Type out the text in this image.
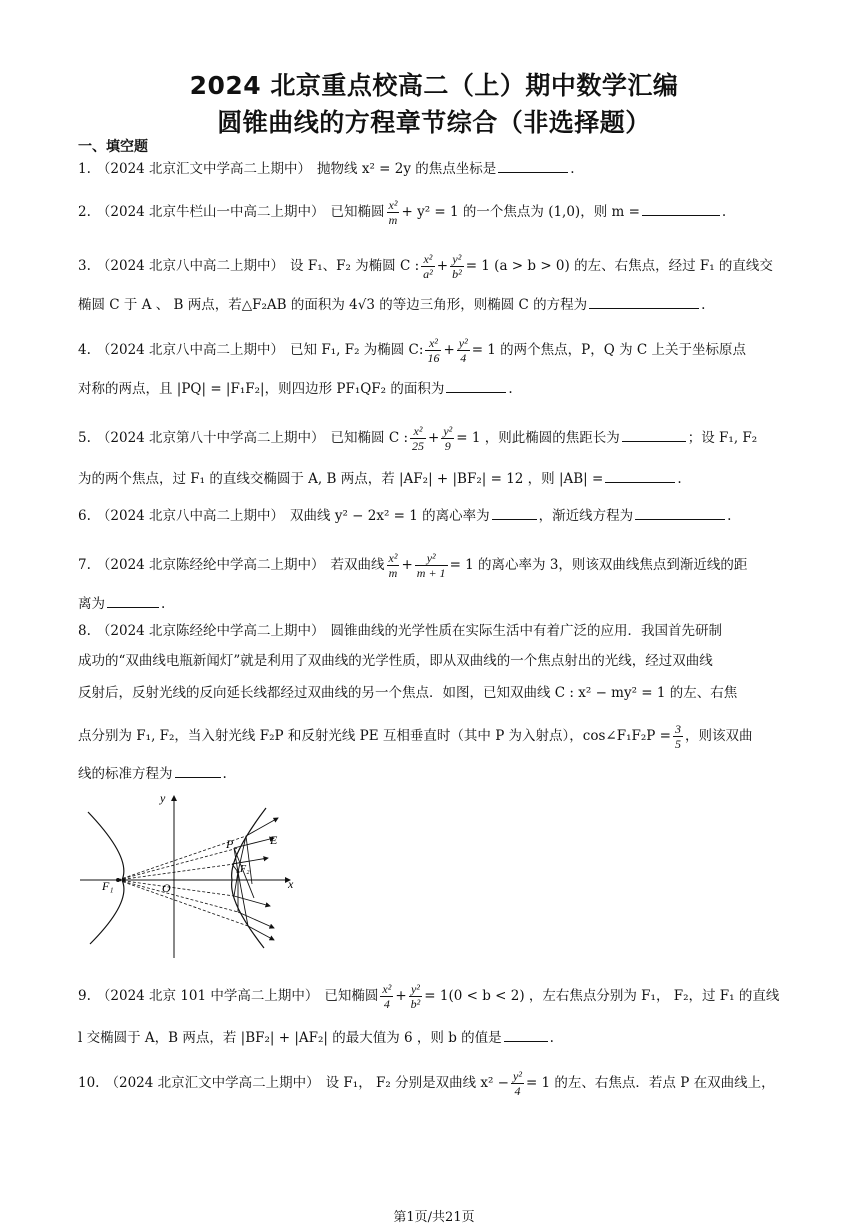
2024 北京重点校高二（上）期中数学汇编
圆锥曲线的方程章节综合（非选择题）
一、填空题
1. （2024 北京汇文中学高二上期中） 抛物线 x² = 2y 的焦点坐标是	.
2. （2024 北京牛栏山一中高二上期中） 已知椭圆 $\frac{\text{x²}}{m} + y^2 = 1$ 的一个焦点为 (1,0)，则 m =	.
3. （2024 北京八中高二上期中） 设 F₁、F₂ 为椭圆 C : $\frac{\text{x²}}{\text{a²}} + \frac{\text{y²}}{\text{b²}} = 1$ (a > b > 0) 的左、右焦点，经过 F₁ 的直线交
椭圆 C 于 A 、 B 两点，若△F₂AB 的面积为 4√3 的等边三角形，则椭圆 C 的方程为	.
4. （2024 北京八中高二上期中） 已知 F₁, F₂ 为椭圆 C: $\frac{\text{x²}}{16} + \frac{\text{y²}}{4} = 1$ 的两个焦点，P，Q 为 C 上关于坐标原点
对称的两点，且 |PQ| = |F₁F₂|，则四边形 PF₁QF₂ 的面积为	.
5. （2024 北京第八十中学高二上期中） 已知椭圆 C : $\frac{\text{x²}}{25} + \frac{\text{y²}}{9} = 1$ ，则此椭圆的焦距长为	；设 F₁, F₂
为的两个焦点，过 F₁ 的直线交椭圆于 A, B 两点，若 |AF₂| + |BF₂| = 12 ，则 |AB| =	.
6. （2024 北京八中高二上期中） 双曲线 y² − 2x² = 1 的离心率为	，渐近线方程为	.
7. （2024 北京陈经纶中学高二上期中） 若双曲线 $\frac{\text{x²}}{m} + \frac{\text{y²}}{m + 1} = 1$ 的离心率为 3，则该双曲线焦点到渐近线的距
离为	.
8. （2024 北京陈经纶中学高二上期中） 圆锥曲线的光学性质在实际生活中有着广泛的应用．我国首先研制
成功的“双曲线电瓶新闻灯”就是利用了双曲线的光学性质，即从双曲线的一个焦点射出的光线，经过双曲线
反射后，反射光线的反向延长线都经过双曲线的另一个焦点．如图，已知双曲线 C : x² − my² = 1 的左、右焦
点分别为 F₁, F₂，当入射光线 F₂P 和反射光线 PE 互相垂直时（其中 P 为入射点），cos∠F₁F₂P = $\frac{3}{5}$ ，则该双曲
线的标准方程为	.
y
x
P	E
F₁
F₂
O
9. （2024 北京 101 中学高二上期中） 已知椭圆 $\frac{\text{x²}}{4} + \frac{\text{y²}}{\text{b²}} = 1(0 < b < 2)$ ，左右焦点分别为 F₁， F₂，过 F₁ 的直线
l 交椭圆于 A，B 两点，若 |BF₂| + |AF₂| 的最大值为 6 ，则 b 的值是	.
10. （2024 北京汇文中学高二上期中） 设 F₁， F₂ 分别是双曲线 $x^2 - \frac{\text{y²}}{4} = 1$ 的左、右焦点．若点 P 在双曲线上，
第1页/共21页
